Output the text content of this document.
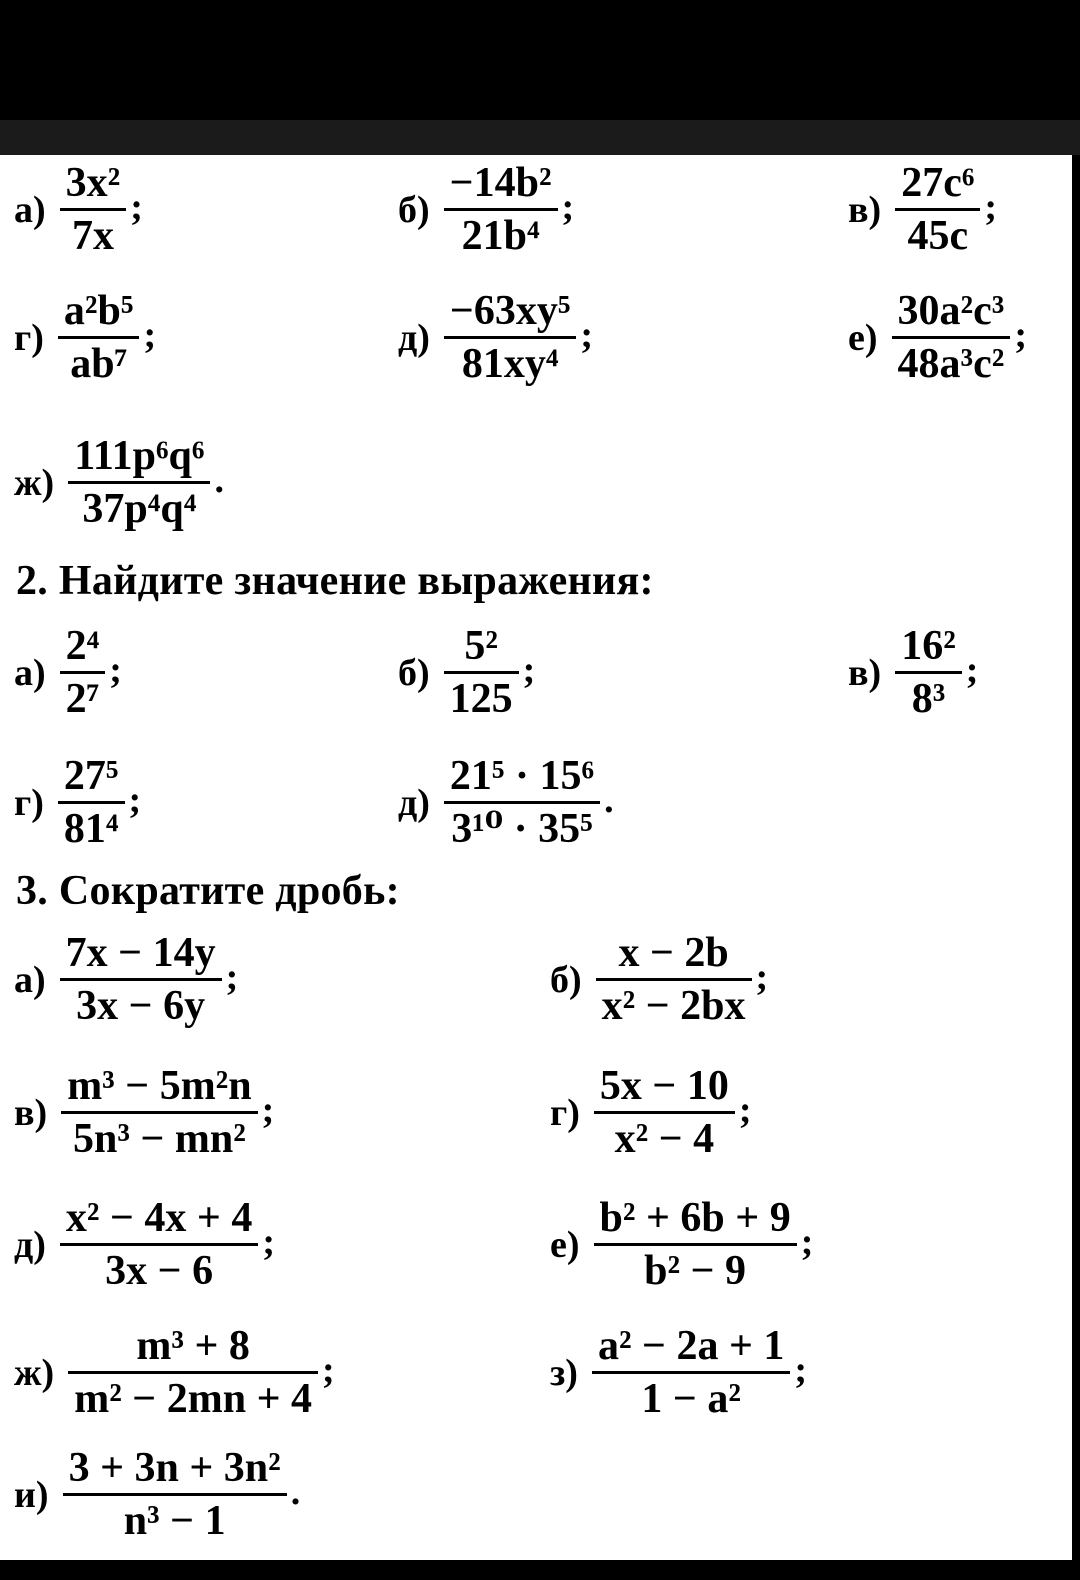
$а) \frac{\text{3x²}}{7x}$ ;	$б) \frac{\text{−14b²}}{\text{21b⁴}}$ ;	$в) \frac{\text{27c⁶}}{45c}$ ;
$г) \frac{\text{a²b⁵}}{\text{ab⁷}}$ ;	$д) \frac{\text{−63xy⁵}}{\text{81xy⁴}}$ ;	$е) \frac{\text{30a²c³}}{\text{48a³c²}}$ ;
$ж) \frac{\text{111p⁶q⁶}}{\text{37p⁴q⁴}}$ .
2. Найдите значение выражения:
$а) \frac{\text{2⁴}}{\text{2⁷}}$ ;	$б) \frac{\text{5²}}{125}$ ;	$в) \frac{\text{16²}}{\text{8³}}$ ;
$г) \frac{\text{27⁵}}{\text{81⁴}}$ ;	$д) \frac{\text{21⁵ · 15⁶}}{\text{3¹⁰ · 35⁵}}$ .
3. Сократите дробь:
$а) \frac{7x - 14y}{3x - 6y}$ ;	$б) \frac{x - 2b}{\text{x² − 2bx}}$ ;
$в) \frac{\text{m³ − 5m²n}}{\text{5n³ − mn²}}$ ;	$г) \frac{5x - 10}{\text{x² − 4}}$ ;
$д) \frac{\text{x² − 4x + 4}}{3x - 6}$ ;	$е) \frac{\text{b² + 6b + 9}}{\text{b² − 9}}$ ;
$ж) \frac{\text{m³ + 8}}{\text{m² − 2mn + 4}}$ ;	$з) \frac{\text{a² − 2a + 1}}{\text{1 − a²}}$ ;
$и) \frac{\text{3 + 3n + 3n²}}{\text{n³ − 1}}$ .
